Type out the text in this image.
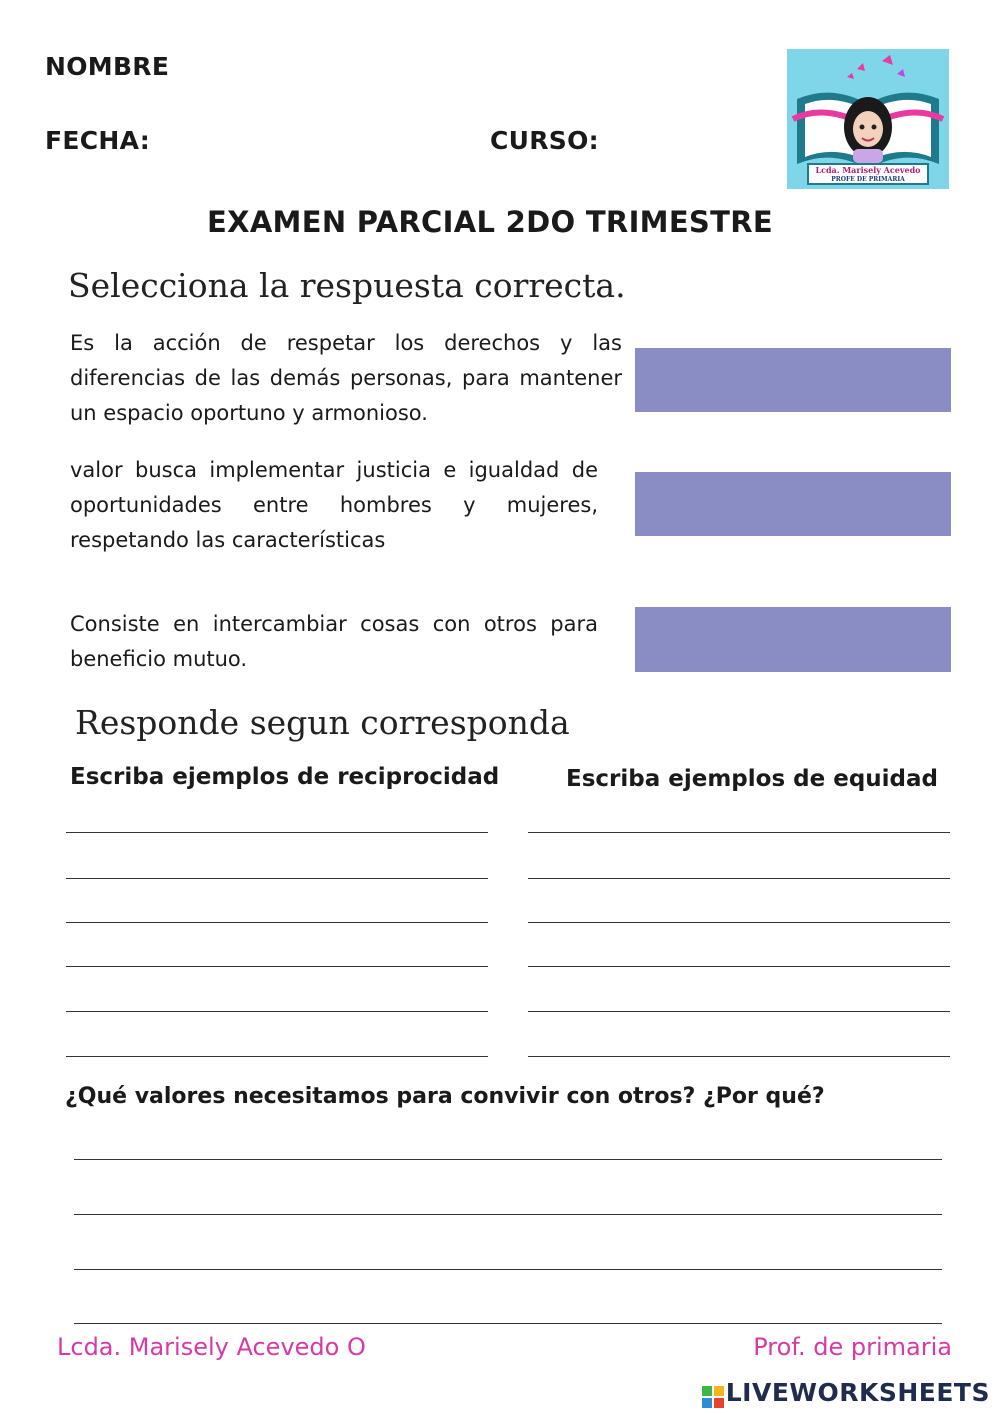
NOMBRE
FECHA:	CURSO:
Lcda. Marisely Acevedo
PROFE DE PRIMARIA
EXAMEN PARCIAL 2DO TRIMESTRE
Selecciona la respuesta correcta.
Es la acción de respetar los derechos y las diferencias de las demás personas, para mantener un espacio oportuno y armonioso.
valor busca implementar justicia e igualdad de oportunidades entre hombres y mujeres, respetando las características
Consiste en intercambiar cosas con otros para beneficio mutuo.
Responde segun corresponda
Escriba ejemplos de reciprocidad	Escriba ejemplos de equidad
¿Qué valores necesitamos para convivir con otros? ¿Por qué?
Lcda. Marisely Acevedo O	Prof. de primaria
LIVEWORKSHEETS
